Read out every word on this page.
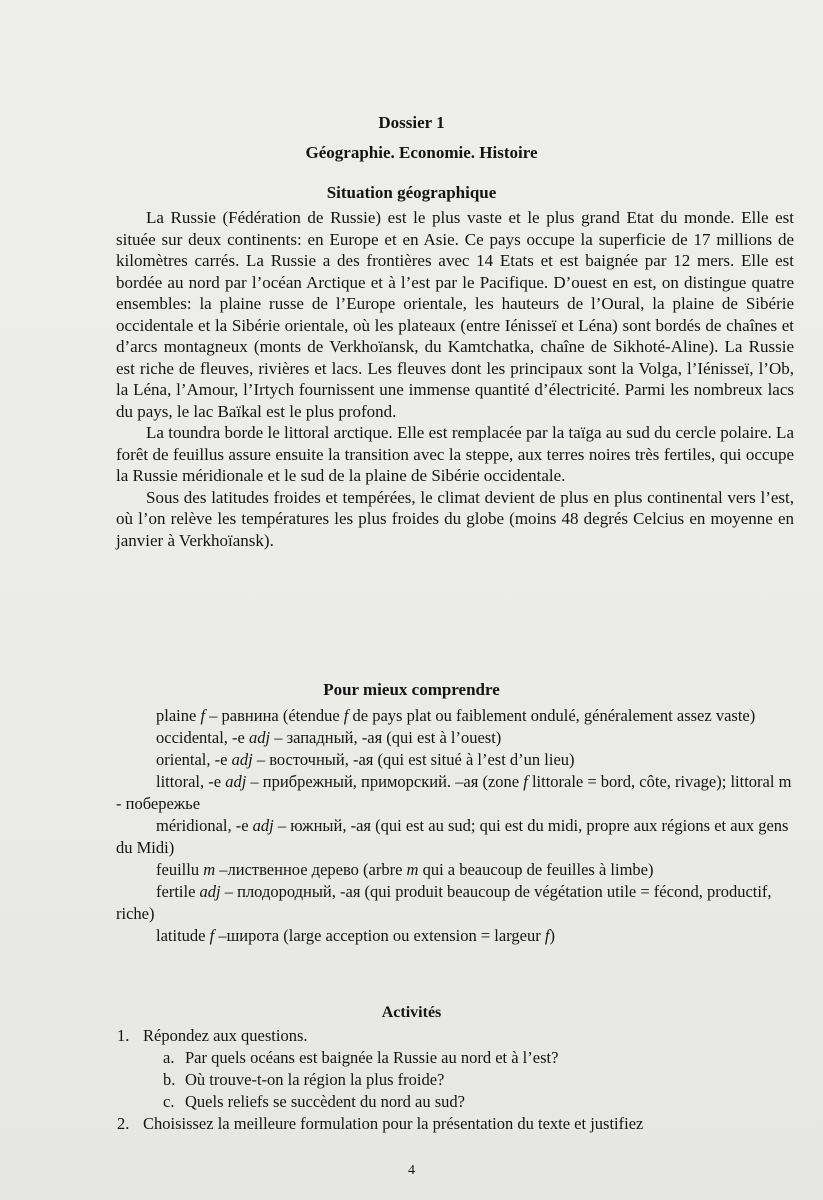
Dossier 1
Géographie. Economie. Histoire
Situation géographique

La Russie (Fédération de Russie) est le plus vaste et le plus grand Etat du monde. Elle est située sur deux continents: en Europe et en Asie. Ce pays occupe la superficie de 17 millions de kilomètres carrés. La Russie a des frontières avec 14 Etats et est baignée par 12 mers. Elle est bordée au nord par l’océan Arctique et à l’est par le Pacifique. D’ouest en est, on distingue quatre ensembles: la plaine russe de l’Europe orientale, les hauteurs de l’Oural, la plaine de Sibérie occidentale et la Sibérie orientale, où les plateaux (entre Iénisseï et Léna) sont bordés de chaînes et d’arcs montagneux (monts de Verkhoïansk, du Kamtchatka, chaîne de Sikhoté-Aline). La Russie est riche de fleuves, rivières et lacs. Les fleuves dont les principaux sont la Volga, l’Iénisseï, l’Ob, la Léna, l’Amour, l’Irtych fournissent une immense quantité d’électricité. Parmi les nombreux lacs du pays, le lac Baïkal est le plus profond.

La toundra borde le littoral arctique. Elle est remplacée par la taïga au sud du cercle polaire. La forêt de feuillus assure ensuite la transition avec la steppe, aux terres noires très fertiles, qui occupe la Russie méridionale et le sud de la plaine de Sibérie occidentale.

Sous des latitudes froides et tempérées, le climat devient de plus en plus continental vers l’est, où l’on relève les températures les plus froides du globe (moins 48 degrés Celcius en moyenne en janvier à Verkhoïansk).

Pour mieux comprendre

plaine f – равнина (étendue f de pays plat ou faiblement ondulé, généralement assez vaste)

occidental, -e adj – западный, -ая (qui est à l’ouest)

oriental, -e adj – восточный, -ая (qui est situé à l’est d’un lieu)

littoral, -e adj – прибрежный, приморский. –ая (zone f littorale = bord, côte, rivage); littoral m - побережье

méridional, -e adj – южный, -ая (qui est au sud; qui est du midi, propre aux régions et aux gens du Midi)

feuillu m –лиственное дерево (arbre m qui a beaucoup de feuilles à limbe)

fertile adj – плодородный, -ая (qui produit beaucoup de végétation utile = fécond, productif, riche)

latitude f –широта (large acception ou extension = largeur f)

Activités

1. Répondez aux questions.

a. Par quels océans est baignée la Russie au nord et à l’est?

b. Où trouve-t-on la région la plus froide?

c. Quels reliefs se succèdent du nord au sud?

2. Choisissez la meilleure formulation pour la présentation du texte et justifiez

4
